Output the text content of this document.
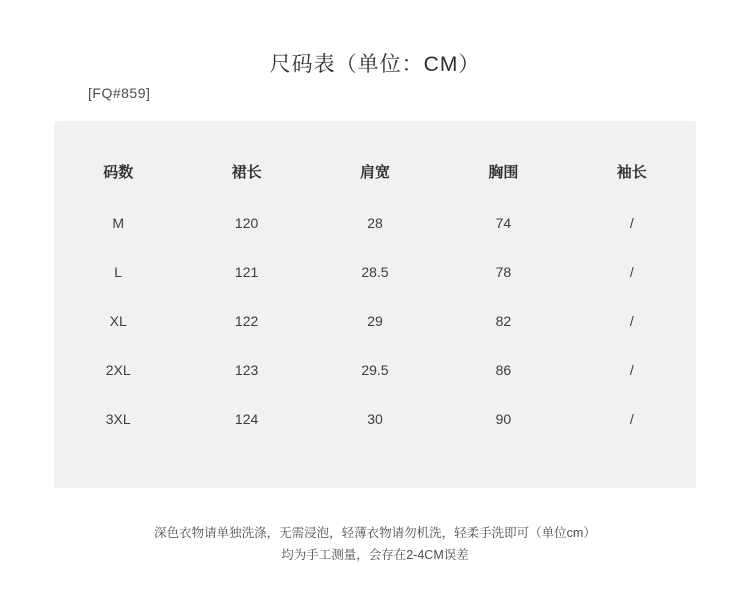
尺码表（单位：CM）
[FQ#859]
码数	裙长	肩宽	胸围	袖长
M	120	28	74	/
L	121	28.5	78	/
XL	122	29	82	/
2XL	123	29.5	86	/
3XL	124	30	90	/
深色衣物请单独洗涤，无需浸泡，轻薄衣物请勿机洗，轻柔手洗即可（单位cm）
均为手工测量，会存在2-4CM误差
